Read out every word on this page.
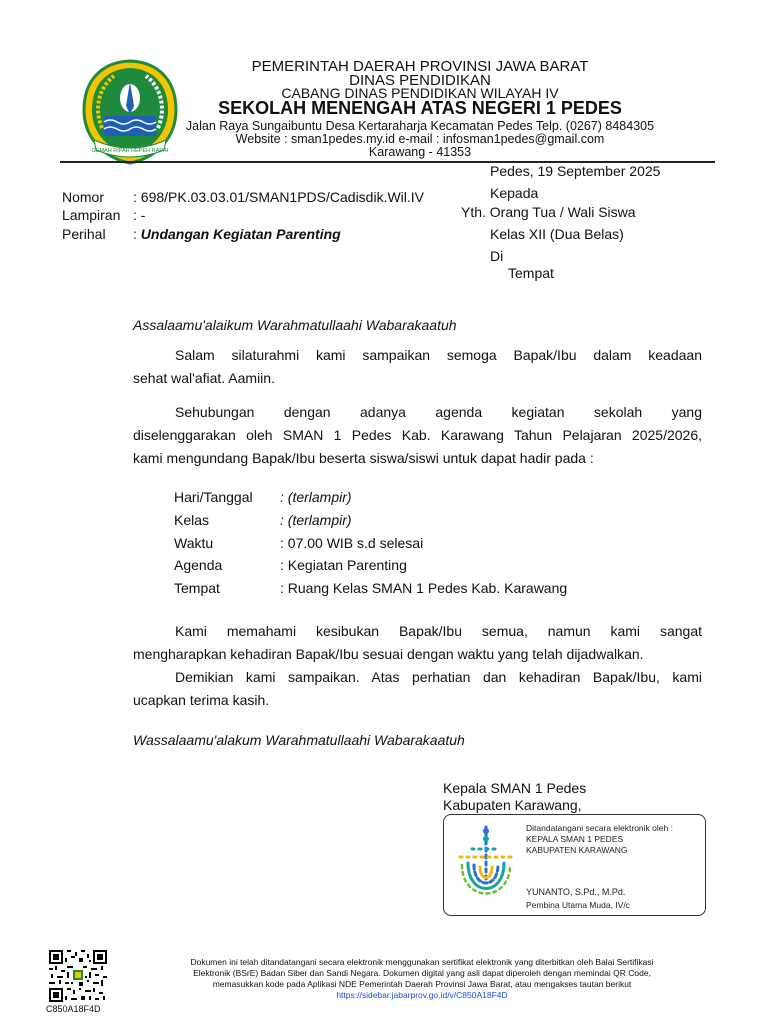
GEMAH RIPAH REPEH RAPIH
PEMERINTAH DAERAH PROVINSI JAWA BARAT
DINAS PENDIDIKAN
CABANG DINAS PENDIDIKAN WILAYAH IV
SEKOLAH MENENGAH ATAS NEGERI 1 PEDES
Jalan Raya Sungaibuntu Desa Kertaraharja Kecamatan Pedes Telp. (0267) 8484305
Website : sman1pedes.my.id e-mail : infosman1pedes@gmail.com
Karawang - 41353
Pedes, 19 September 2025
Kepada
Yth. Orang Tua / Wali Siswa
Kelas XII (Dua Belas)
Di
Tempat
Nomor : 698/PK.03.03.01/SMAN1PDS/Cadisdik.Wil.IV
Lampiran : -
Perihal : Undangan Kegiatan Parenting
Assalaamu'alaikum Warahmatullaahi Wabarakaatuh

Salam silaturahmi kami sampaikan semoga Bapak/Ibu dalam keadaan

sehat wal'afiat. Aamiin.

Sehubungan dengan adanya agenda kegiatan sekolah yang

diselenggarakan oleh SMAN 1 Pedes Kab. Karawang Tahun Pelajaran 2025/2026,

kami mengundang Bapak/Ibu beserta siswa/siswi untuk dapat hadir pada :

Hari/Tanggal : (terlampir)
Kelas	: (terlampir)
Waktu	: 07.00 WIB s.d selesai
Agenda	: Kegiatan Parenting
Tempat	: Ruang Kelas SMAN 1 Pedes Kab. Karawang

Kami memahami kesibukan Bapak/Ibu semua, namun kami sangat

mengharapkan kehadiran Bapak/Ibu sesuai dengan waktu yang telah dijadwalkan.

Demikian kami sampaikan. Atas perhatian dan kehadiran Bapak/Ibu, kami

ucapkan terima kasih.

Wassalaamu'alakum Warahmatullaahi Wabarakaatuh
Kepala SMAN 1 Pedes
Kabupaten Karawang,
Ditandatangani secara elektronik oleh :
KEPALA SMAN 1 PEDES
KABUPATEN KARAWANG
YUNANTO, S.Pd., M.Pd.
Pembina Utama Muda, IV/c
C850A18F4D
Dokumen ini telah ditandatangani secara elektronik menggunakan sertifikat elektronik yang diterbitkan oleh Balai Sertifikasi
Elektronik (BSrE) Badan Siber dan Sandi Negara. Dokumen digital yang asli dapat diperoleh dengan memindai QR Code,
memasukkan kode pada Aplikasi NDE Pemerintah Daerah Provinsi Jawa Barat, atau mengakses tautan berikut
https://sidebar.jabarprov.go.id/v/C850A18F4D
